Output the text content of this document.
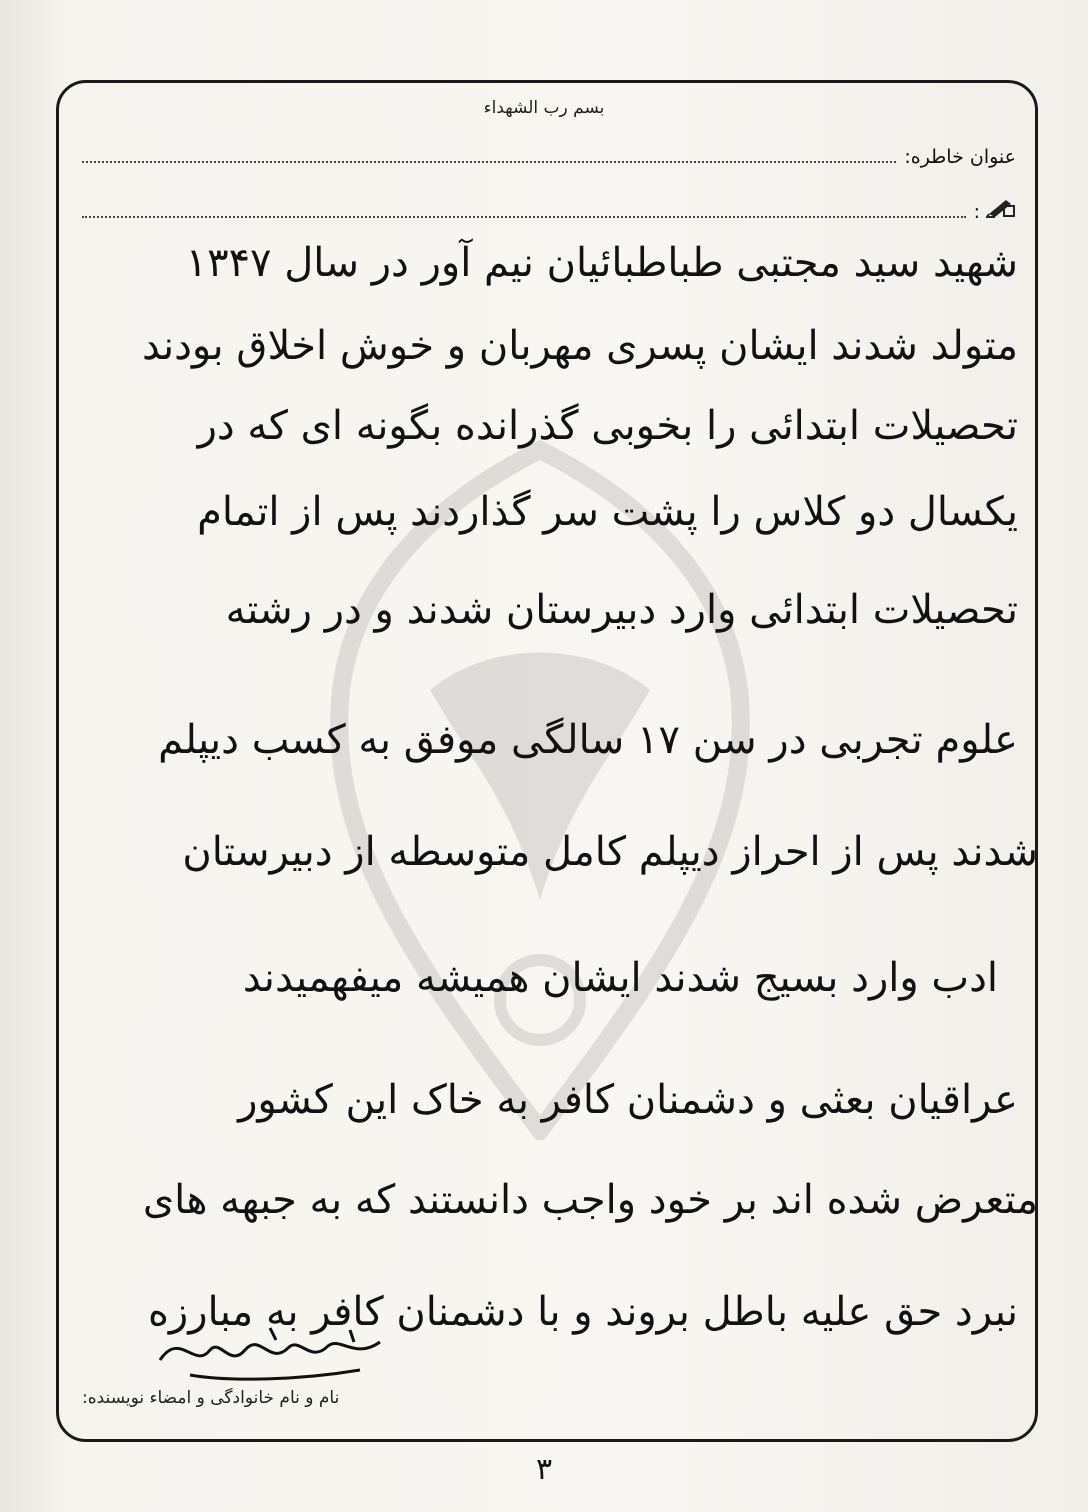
بسم رب الشهداء
عنوان خاطره:
:
شهید سید مجتبی طباطبائیان نیم آور در سال ۱۳۴۷
متولد شدند ایشان پسری مهربان و خوش اخلاق بودند
تحصیلات ابتدائی را بخوبی گذرانده بگونه ای که در
یکسال دو کلاس را پشت سر گذاردند پس از اتمام
تحصیلات ابتدائی وارد دبیرستان شدند و در رشته
علوم تجربی در سن ۱۷ سالگی موفق به کسب دیپلم
شدند پس از احراز دیپلم کامل متوسطه از دبیرستان
ادب وارد بسیج شدند ایشان همیشه میفهمیدند
عراقیان بعثی و دشمنان کافر به خاک این کشور
متعرض شده اند بر خود واجب دانستند که به جبهه های
نبرد حق علیه باطل بروند و با دشمنان کافر به مبارزه
نام و نام خانوادگی و امضاء نویسنده:
۳
